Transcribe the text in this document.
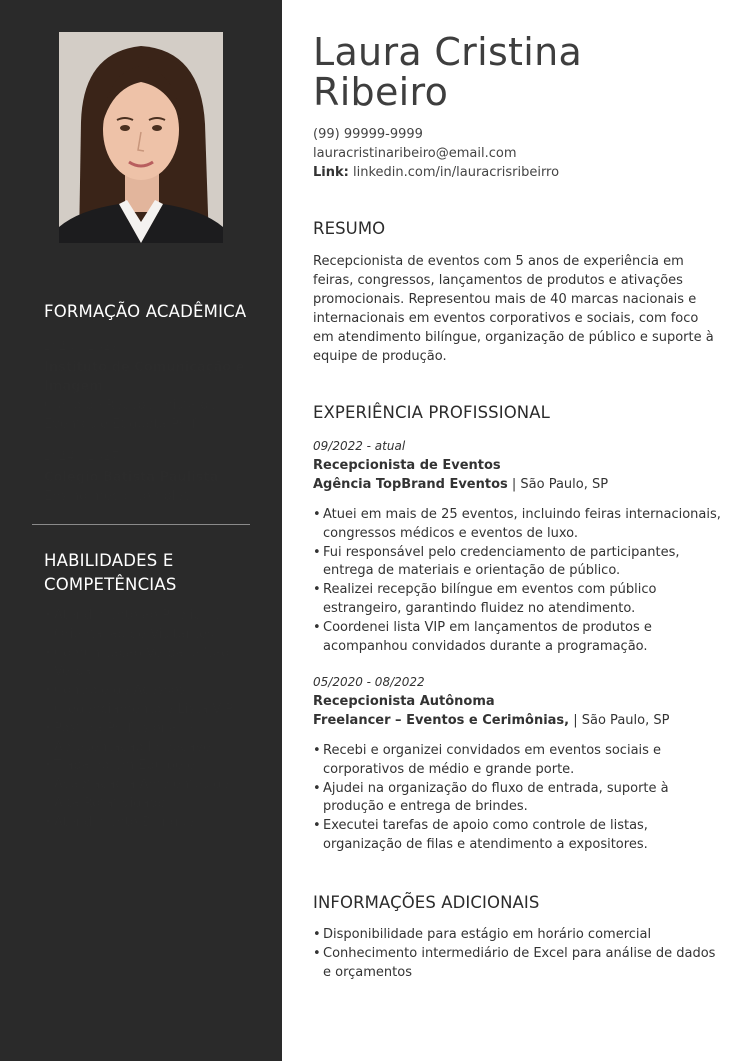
FORMAÇÃO ACADÊMICA
2018 – 2019
Instituto de Comunicação e Imagem
Curso de Recepcionista de Eventos e Etiqueta Profi
2014 – 2017
Colégio Batista Paulista
Ensino médio completo
HABILIDADES E
COMPETÊNCIAS
• Atendimento ao Público e Orientação de Visitantes
• Comunicação Verbal e Não Verbal
• Controle de Acessos, Credenciamento e Lista VIP
• Postura Profissional e Apresentação Impecável
• Trabalho em Equipe e Adaptação a Ambientes de Alta Rotatividade
• Atendimento Bilíngue
Laura Cristina
Ribeiro
(99) 99999-9999
lauracristinaribeiro@email.com
Link: linkedin.com/in/lauracrisribeirro
RESUMO
Recepcionista de eventos com 5 anos de experiência em feiras, congressos, lançamentos de produtos e ativações promocionais. Representou mais de 40 marcas nacionais e internacionais em eventos corporativos e sociais, com foco em atendimento bilíngue, organização de público e suporte à equipe de produção.
EXPERIÊNCIA PROFISSIONAL
09/2022 - atual
Recepcionista de Eventos
Agência TopBrand Eventos | São Paulo, SP
• Atuei em mais de 25 eventos, incluindo feiras internacionais, congressos médicos e eventos de luxo.
• Fui responsável pelo credenciamento de participantes, entrega de materiais e orientação de público.
• Realizei recepção bilíngue em eventos com público estrangeiro, garantindo fluidez no atendimento.
• Coordenei lista VIP em lançamentos de produtos e acompanhou convidados durante a programação.
05/2020 - 08/2022
Recepcionista Autônoma
Freelancer – Eventos e Cerimônias, | São Paulo, SP
• Recebi e organizei convidados em eventos sociais e corporativos de médio e grande porte.
• Ajudei na organização do fluxo de entrada, suporte à produção e entrega de brindes.
• Executei tarefas de apoio como controle de listas, organização de filas e atendimento a expositores.
INFORMAÇÕES ADICIONAIS
• Disponibilidade para estágio em horário comercial
• Conhecimento intermediário de Excel para análise de dados e orçamentos
